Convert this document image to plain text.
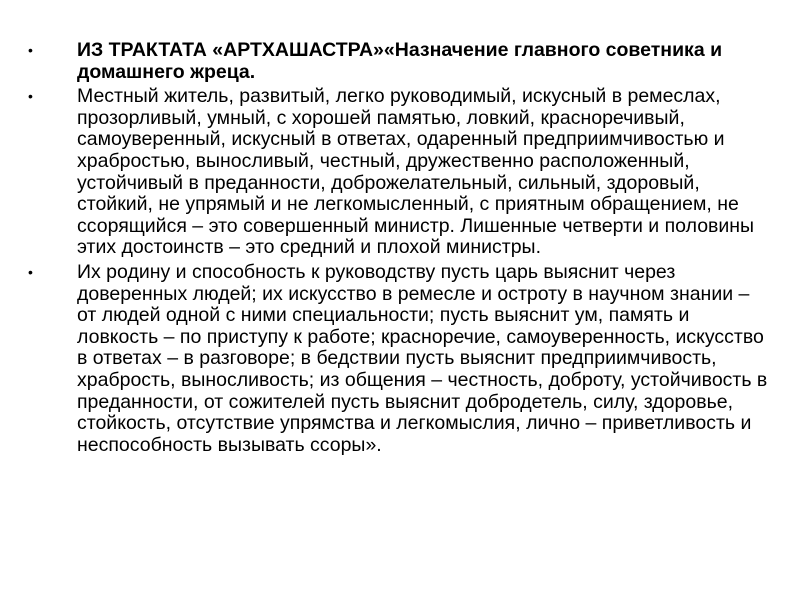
•	ИЗ ТРАКТАТА «АРТХАШАСТРА»«Назначение главного советника и домашнего жреца.
•	Местный житель, развитый, легко руководимый, искусный в ремеслах, прозорливый, умный, с хорошей памятью, ловкий, красноречивый, самоуверенный, искусный в ответах, одаренный предприимчивостью и храбростью, выносливый, честный, дружественно расположенный, устойчивый в преданности, доброжелательный, сильный, здоровый, стойкий, не упрямый и не легкомысленный, с приятным обращением, не ссорящийся – это совершенный министр. Лишенные четверти и половины этих достоинств – это средний и плохой министры.
•	Их родину и способность к руководству пусть царь выяснит через доверенных людей; их искусство в ремесле и остроту в научном знании – от людей одной с ними специальности; пусть выяснит ум, память и ловкость – по приступу к работе; красноречие, самоуверенность, искусство в ответах – в разговоре; в бедствии пусть выяснит предприимчивость, храбрость, выносливость; из общения – честность, доброту, устойчивость в преданности, от сожителей пусть выяснит добродетель, силу, здоровье, стойкость, отсутствие упрямства и легкомыслия, лично – приветливость и неспособность вызывать ссоры».
